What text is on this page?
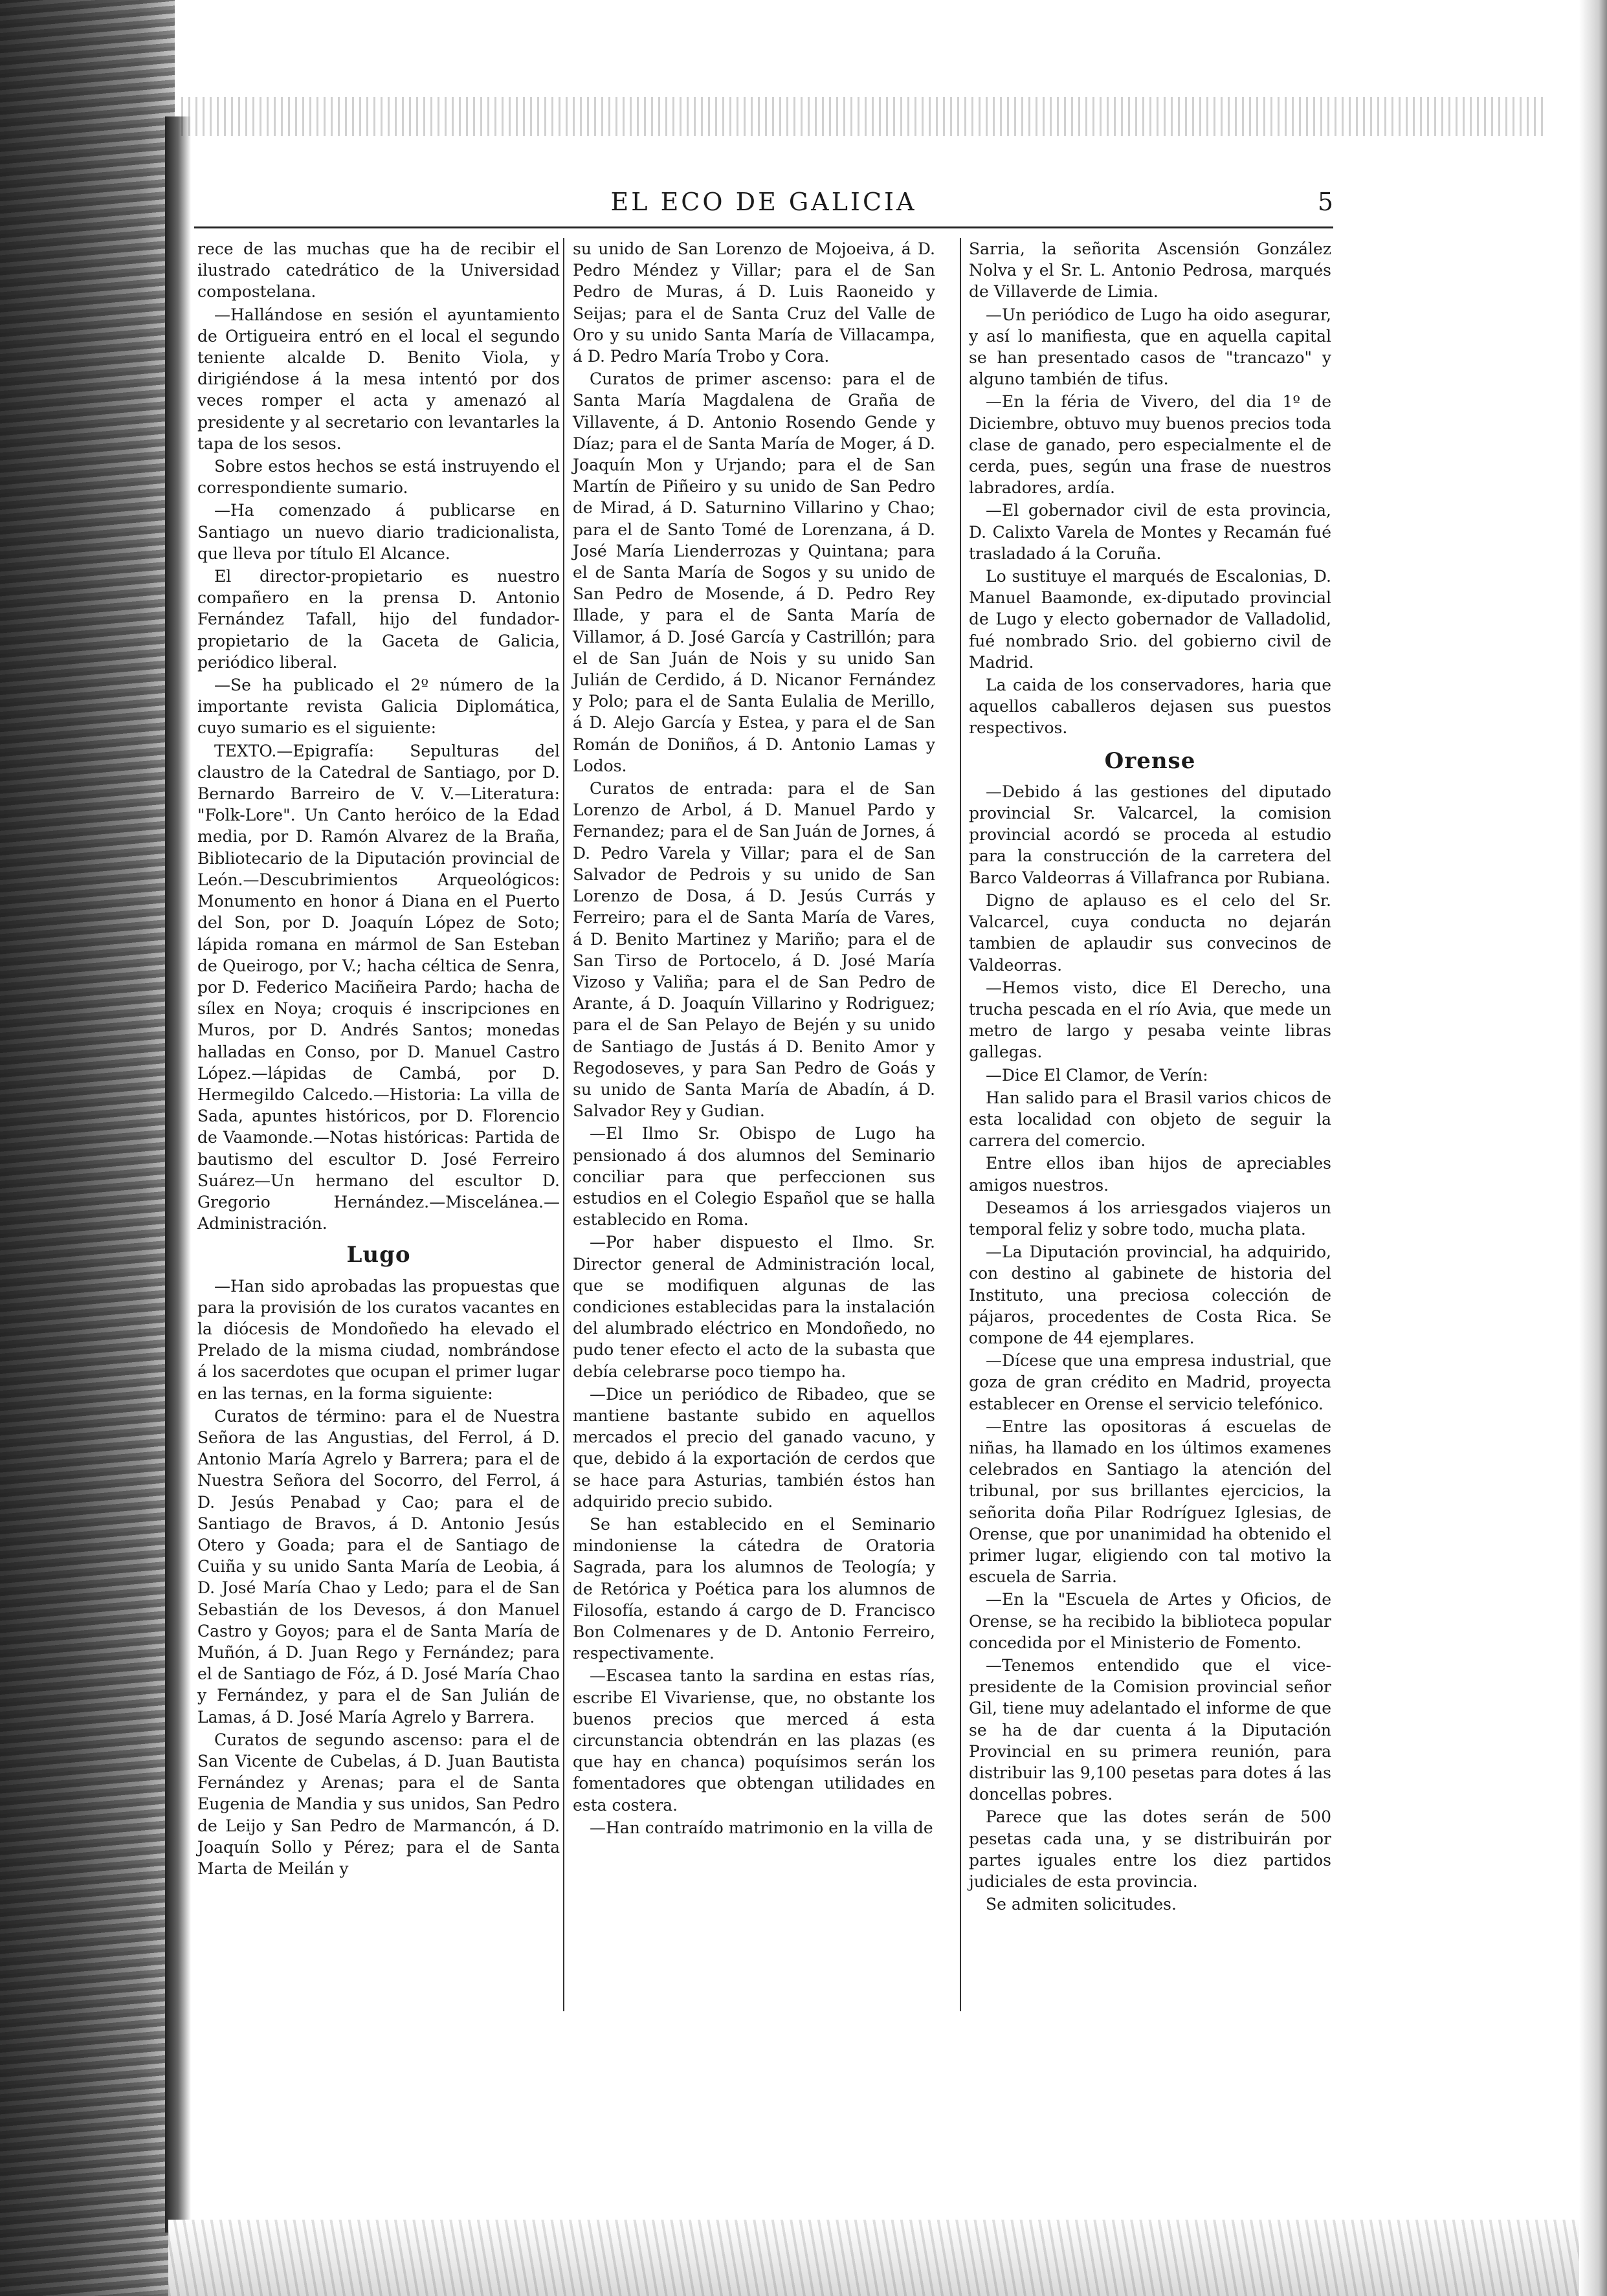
EL ECO DE GALICIA	5

rece de las muchas que ha de recibir el ilustrado catedrático de la Universidad compostelana.

—Hallándose en sesión el ayuntamiento de Ortigueira entró en el local el segundo teniente alcalde D. Benito Viola, y dirigiéndose á la mesa intentó por dos veces romper el acta y amenazó al presidente y al secretario con levantarles la tapa de los sesos.

Sobre estos hechos se está instruyendo el correspondiente sumario.

—Ha comenzado á publicarse en Santiago un nuevo diario tradicionalista, que lleva por título El Alcance.

El director-propietario es nuestro compañero en la prensa D. Antonio Fernández Tafall, hijo del fundador-propietario de la Gaceta de Galicia, periódico liberal.

—Se ha publicado el 2º número de la importante revista Galicia Diplomática, cuyo sumario es el siguiente:

TEXTO.—Epigrafía: Sepulturas del claustro de la Catedral de Santiago, por D. Bernardo Barreiro de V. V.—Literatura: "Folk-Lore". Un Canto heróico de la Edad media, por D. Ramón Alvarez de la Braña, Bibliotecario de la Diputación provincial de León.—Descubrimientos Arqueológicos: Monumento en honor á Diana en el Puerto del Son, por D. Joaquín López de Soto; lápida romana en mármol de San Esteban de Queirogo, por V.; hacha céltica de Senra, por D. Federico Maciñeira Pardo; hacha de sílex en Noya; croquis é inscripciones en Muros, por D. Andrés Santos; monedas halladas en Conso, por D. Manuel Castro López.—lápidas de Cambá, por D. Hermegildo Calcedo.—Historia: La villa de Sada, apuntes históricos, por D. Florencio de Vaamonde.—Notas históricas: Partida de bautismo del escultor D. José Ferreiro Suárez—Un hermano del escultor D. Gregorio Hernández.—Miscelánea.—Administración.

Lugo

—Han sido aprobadas las propuestas que para la provisión de los curatos vacantes en la diócesis de Mondoñedo ha elevado el Prelado de la misma ciudad, nombrándose á los sacerdotes que ocupan el primer lugar en las ternas, en la forma siguiente:

Curatos de término: para el de Nuestra Señora de las Angustias, del Ferrol, á D. Antonio María Agrelo y Barrera; para el de Nuestra Señora del Socorro, del Ferrol, á D. Jesús Penabad y Cao; para el de Santiago de Bravos, á D. Antonio Jesús Otero y Goada; para el de Santiago de Cuiña y su unido Santa María de Leobia, á D. José María Chao y Ledo; para el de San Sebastián de los Devesos, á don Manuel Castro y Goyos; para el de Santa María de Muñón, á D. Juan Rego y Fernández; para el de Santiago de Fóz, á D. José María Chao y Fernández, y para el de San Julián de Lamas, á D. José María Agrelo y Barrera.

Curatos de segundo ascenso: para el de San Vicente de Cubelas, á D. Juan Bautista Fernández y Arenas; para el de Santa Eugenia de Mandia y sus unidos, San Pedro de Leijo y San Pedro de Marmancón, á D. Joaquín Sollo y Pérez; para el de Santa Marta de Meilán y

su unido de San Lorenzo de Mojoeiva, á D. Pedro Méndez y Villar; para el de San Pedro de Muras, á D. Luis Raoneido y Seijas; para el de Santa Cruz del Valle de Oro y su unido Santa María de Villacampa, á D. Pedro María Trobo y Cora.

Curatos de primer ascenso: para el de Santa María Magdalena de Graña de Villavente, á D. Antonio Rosendo Gende y Díaz; para el de Santa María de Moger, á D. Joaquín Mon y Urjando; para el de San Martín de Piñeiro y su unido de San Pedro de Mirad, á D. Saturnino Villarino y Chao; para el de Santo Tomé de Lorenzana, á D. José María Lienderrozas y Quintana; para el de Santa María de Sogos y su unido de San Pedro de Mosende, á D. Pedro Rey Illade, y para el de Santa María de Villamor, á D. José García y Castrillón; para el de San Juán de Nois y su unido San Julián de Cerdido, á D. Nicanor Fernández y Polo; para el de Santa Eulalia de Merillo, á D. Alejo García y Estea, y para el de San Román de Doniños, á D. Antonio Lamas y Lodos.

Curatos de entrada: para el de San Lorenzo de Arbol, á D. Manuel Pardo y Fernandez; para el de San Juán de Jornes, á D. Pedro Varela y Villar; para el de San Salvador de Pedrois y su unido de San Lorenzo de Dosa, á D. Jesús Currás y Ferreiro; para el de Santa María de Vares, á D. Benito Martinez y Mariño; para el de San Tirso de Portocelo, á D. José María Vizoso y Valiña; para el de San Pedro de Arante, á D. Joaquín Villarino y Rodriguez; para el de San Pelayo de Bején y su unido de Santiago de Justás á D. Benito Amor y Regodoseves, y para San Pedro de Goás y su unido de Santa María de Abadín, á D. Salvador Rey y Gudian.

—El Ilmo Sr. Obispo de Lugo ha pensionado á dos alumnos del Seminario conciliar para que perfeccionen sus estudios en el Colegio Español que se halla establecido en Roma.

—Por haber dispuesto el Ilmo. Sr. Director general de Administración local, que se modifiquen algunas de las condiciones establecidas para la instalación del alumbrado eléctrico en Mondoñedo, no pudo tener efecto el acto de la subasta que debía celebrarse poco tiempo ha.

—Dice un periódico de Ribadeo, que se mantiene bastante subido en aquellos mercados el precio del ganado vacuno, y que, debido á la exportación de cerdos que se hace para Asturias, también éstos han adquirido precio subido.

Se han establecido en el Seminario mindoniense la cátedra de Oratoria Sagrada, para los alumnos de Teología; y de Retórica y Poética para los alumnos de Filosofía, estando á cargo de D. Francisco Bon Colmenares y de D. Antonio Ferreiro, respectivamente.

—Escasea tanto la sardina en estas rías, escribe El Vivariense, que, no obstante los buenos precios que merced á esta circunstancia obtendrán en las plazas (es que hay en chanca) poquísimos serán los fomentadores que obtengan utilidades en esta costera.

—Han contraído matrimonio en la villa de

Sarria, la señorita Ascensión González Nolva y el Sr. L. Antonio Pedrosa, marqués de Villaverde de Limia.

—Un periódico de Lugo ha oido asegurar, y así lo manifiesta, que en aquella capital se han presentado casos de "trancazo" y alguno también de tifus.

—En la féria de Vivero, del dia 1º de Diciembre, obtuvo muy buenos precios toda clase de ganado, pero especialmente el de cerda, pues, según una frase de nuestros labradores, ardía.

—El gobernador civil de esta provincia, D. Calixto Varela de Montes y Recamán fué trasladado á la Coruña.

Lo sustituye el marqués de Escalonias, D. Manuel Baamonde, ex-diputado provincial de Lugo y electo gobernador de Valladolid, fué nombrado Srio. del gobierno civil de Madrid.

La caida de los conservadores, haria que aquellos caballeros dejasen sus puestos respectivos.

Orense

—Debido á las gestiones del diputado provincial Sr. Valcarcel, la comision provincial acordó se proceda al estudio para la construcción de la carretera del Barco Valdeorras á Villafranca por Rubiana.

Digno de aplauso es el celo del Sr. Valcarcel, cuya conducta no dejarán tambien de aplaudir sus convecinos de Valdeorras.

—Hemos visto, dice El Derecho, una trucha pescada en el río Avia, que mede un metro de largo y pesaba veinte libras gallegas.

—Dice El Clamor, de Verín:

Han salido para el Brasil varios chicos de esta localidad con objeto de seguir la carrera del comercio.

Entre ellos iban hijos de apreciables amigos nuestros.

Deseamos á los arriesgados viajeros un temporal feliz y sobre todo, mucha plata.

—La Diputación provincial, ha adquirido, con destino al gabinete de historia del Instituto, una preciosa colección de pájaros, procedentes de Costa Rica. Se compone de 44 ejemplares.

—Dícese que una empresa industrial, que goza de gran crédito en Madrid, proyecta establecer en Orense el servicio telefónico.

—Entre las opositoras á escuelas de niñas, ha llamado en los últimos examenes celebrados en Santiago la atención del tribunal, por sus brillantes ejercicios, la señorita doña Pilar Rodríguez Iglesias, de Orense, que por unanimidad ha obtenido el primer lugar, eligiendo con tal motivo la escuela de Sarria.

—En la "Escuela de Artes y Oficios, de Orense, se ha recibido la biblioteca popular concedida por el Ministerio de Fomento.

—Tenemos entendido que el vice-presidente de la Comision provincial señor Gil, tiene muy adelantado el informe de que se ha de dar cuenta á la Diputación Provincial en su primera reunión, para distribuir las 9,100 pesetas para dotes á las doncellas pobres.

Parece que las dotes serán de 500 pesetas cada una, y se distribuirán por partes iguales entre los diez partidos judiciales de esta provincia.

Se admiten solicitudes.
